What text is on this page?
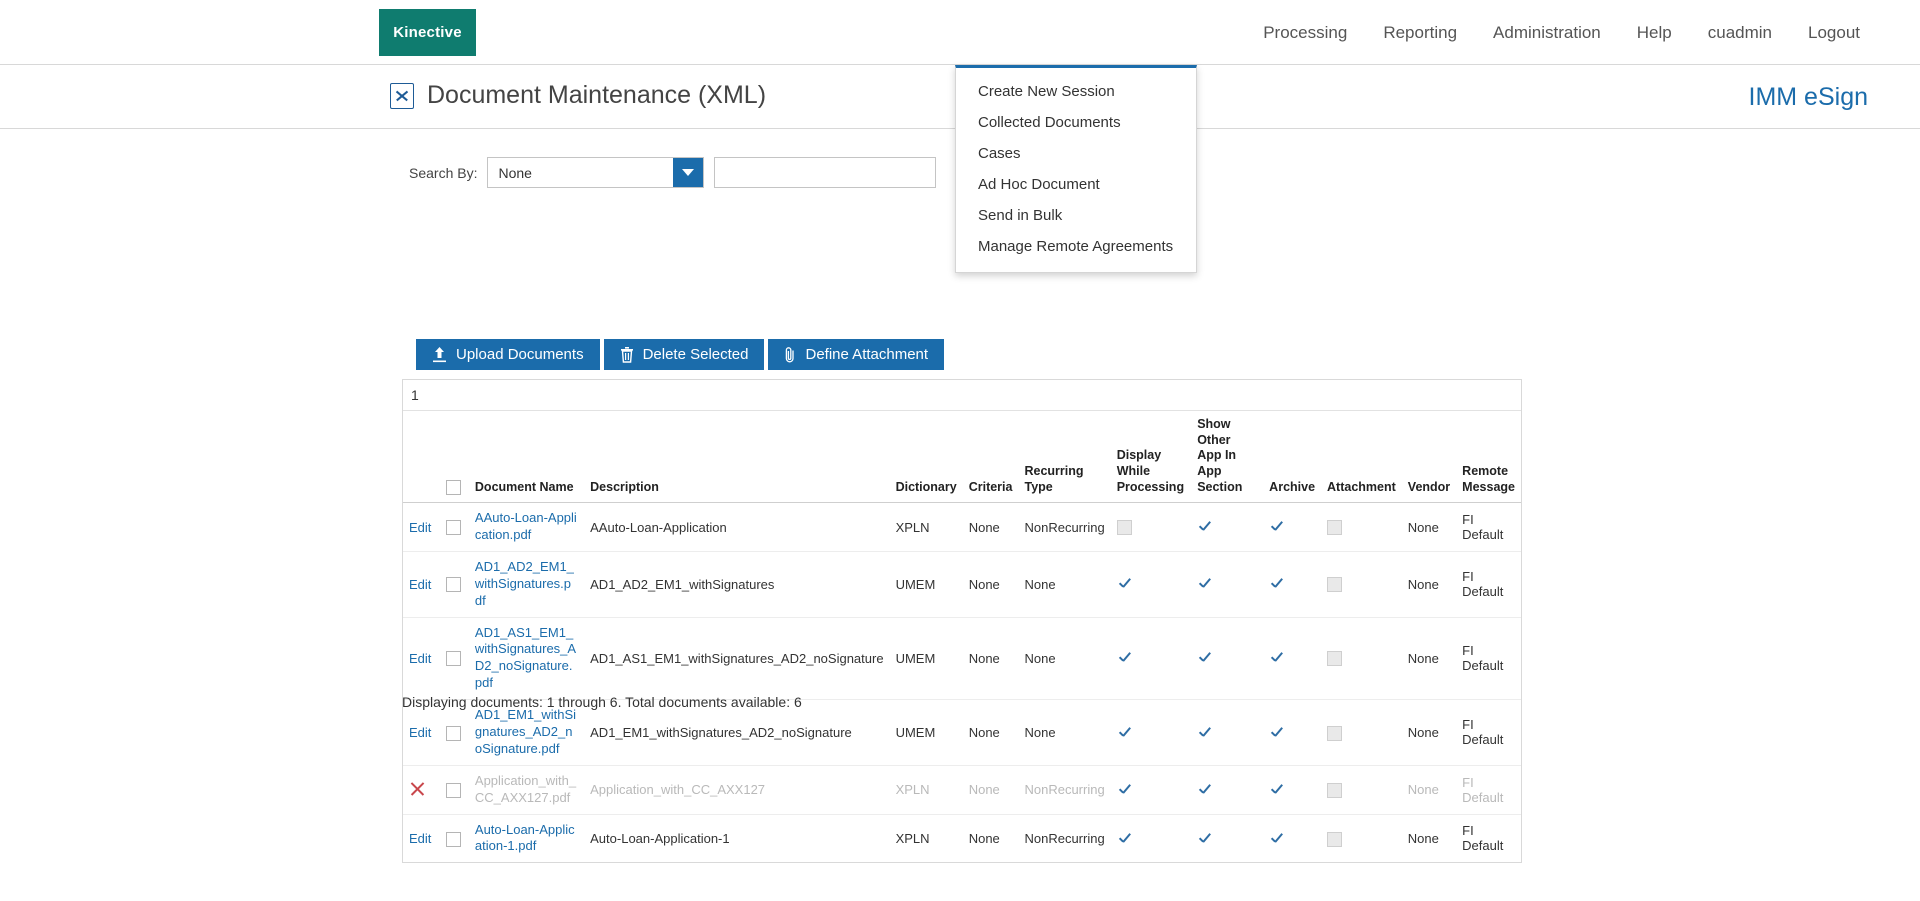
Kinective	Processing	Reporting	Administration	Help	cuadmin	Logout
Document Maintenance (XML)	IMM eSign
Create New Session
Collected Documents
Cases
Ad Hoc Document
Send in Bulk
Manage Remote Agreements
Search By:	None
Upload Documents	Delete Selected	Define Attachment
1
		Document Name	Description	Dictionary	Criteria	Recurring Type	Display While Processing	Show Other App In App Section	Archive	Attachment	Vendor	Remote Message
Edit		AAuto-Loan-Application.pdf	AAuto-Loan-Application	XPLN	None	NonRecurring					None	FI Default
Edit		AD1_AD2_EM1_withSignatures.pdf	AD1_AD2_EM1_withSignatures	UMEM	None	None					None	FI Default
Edit		AD1_AS1_EM1_withSignatures_AD2_noSignature.pdf	AD1_AS1_EM1_withSignatures_AD2_noSignature	UMEM	None	None					None	FI Default
Edit		AD1_EM1_withSignatures_AD2_noSignature.pdf	AD1_EM1_withSignatures_AD2_noSignature	UMEM	None	None					None	FI Default
		Application_with_CC_AXX127.pdf	Application_with_CC_AXX127	XPLN	None	NonRecurring					None	FI Default
Edit		Auto-Loan-Application-1.pdf	Auto-Loan-Application-1	XPLN	None	NonRecurring					None	FI Default
Displaying documents: 1 through 6. Total documents available: 6
